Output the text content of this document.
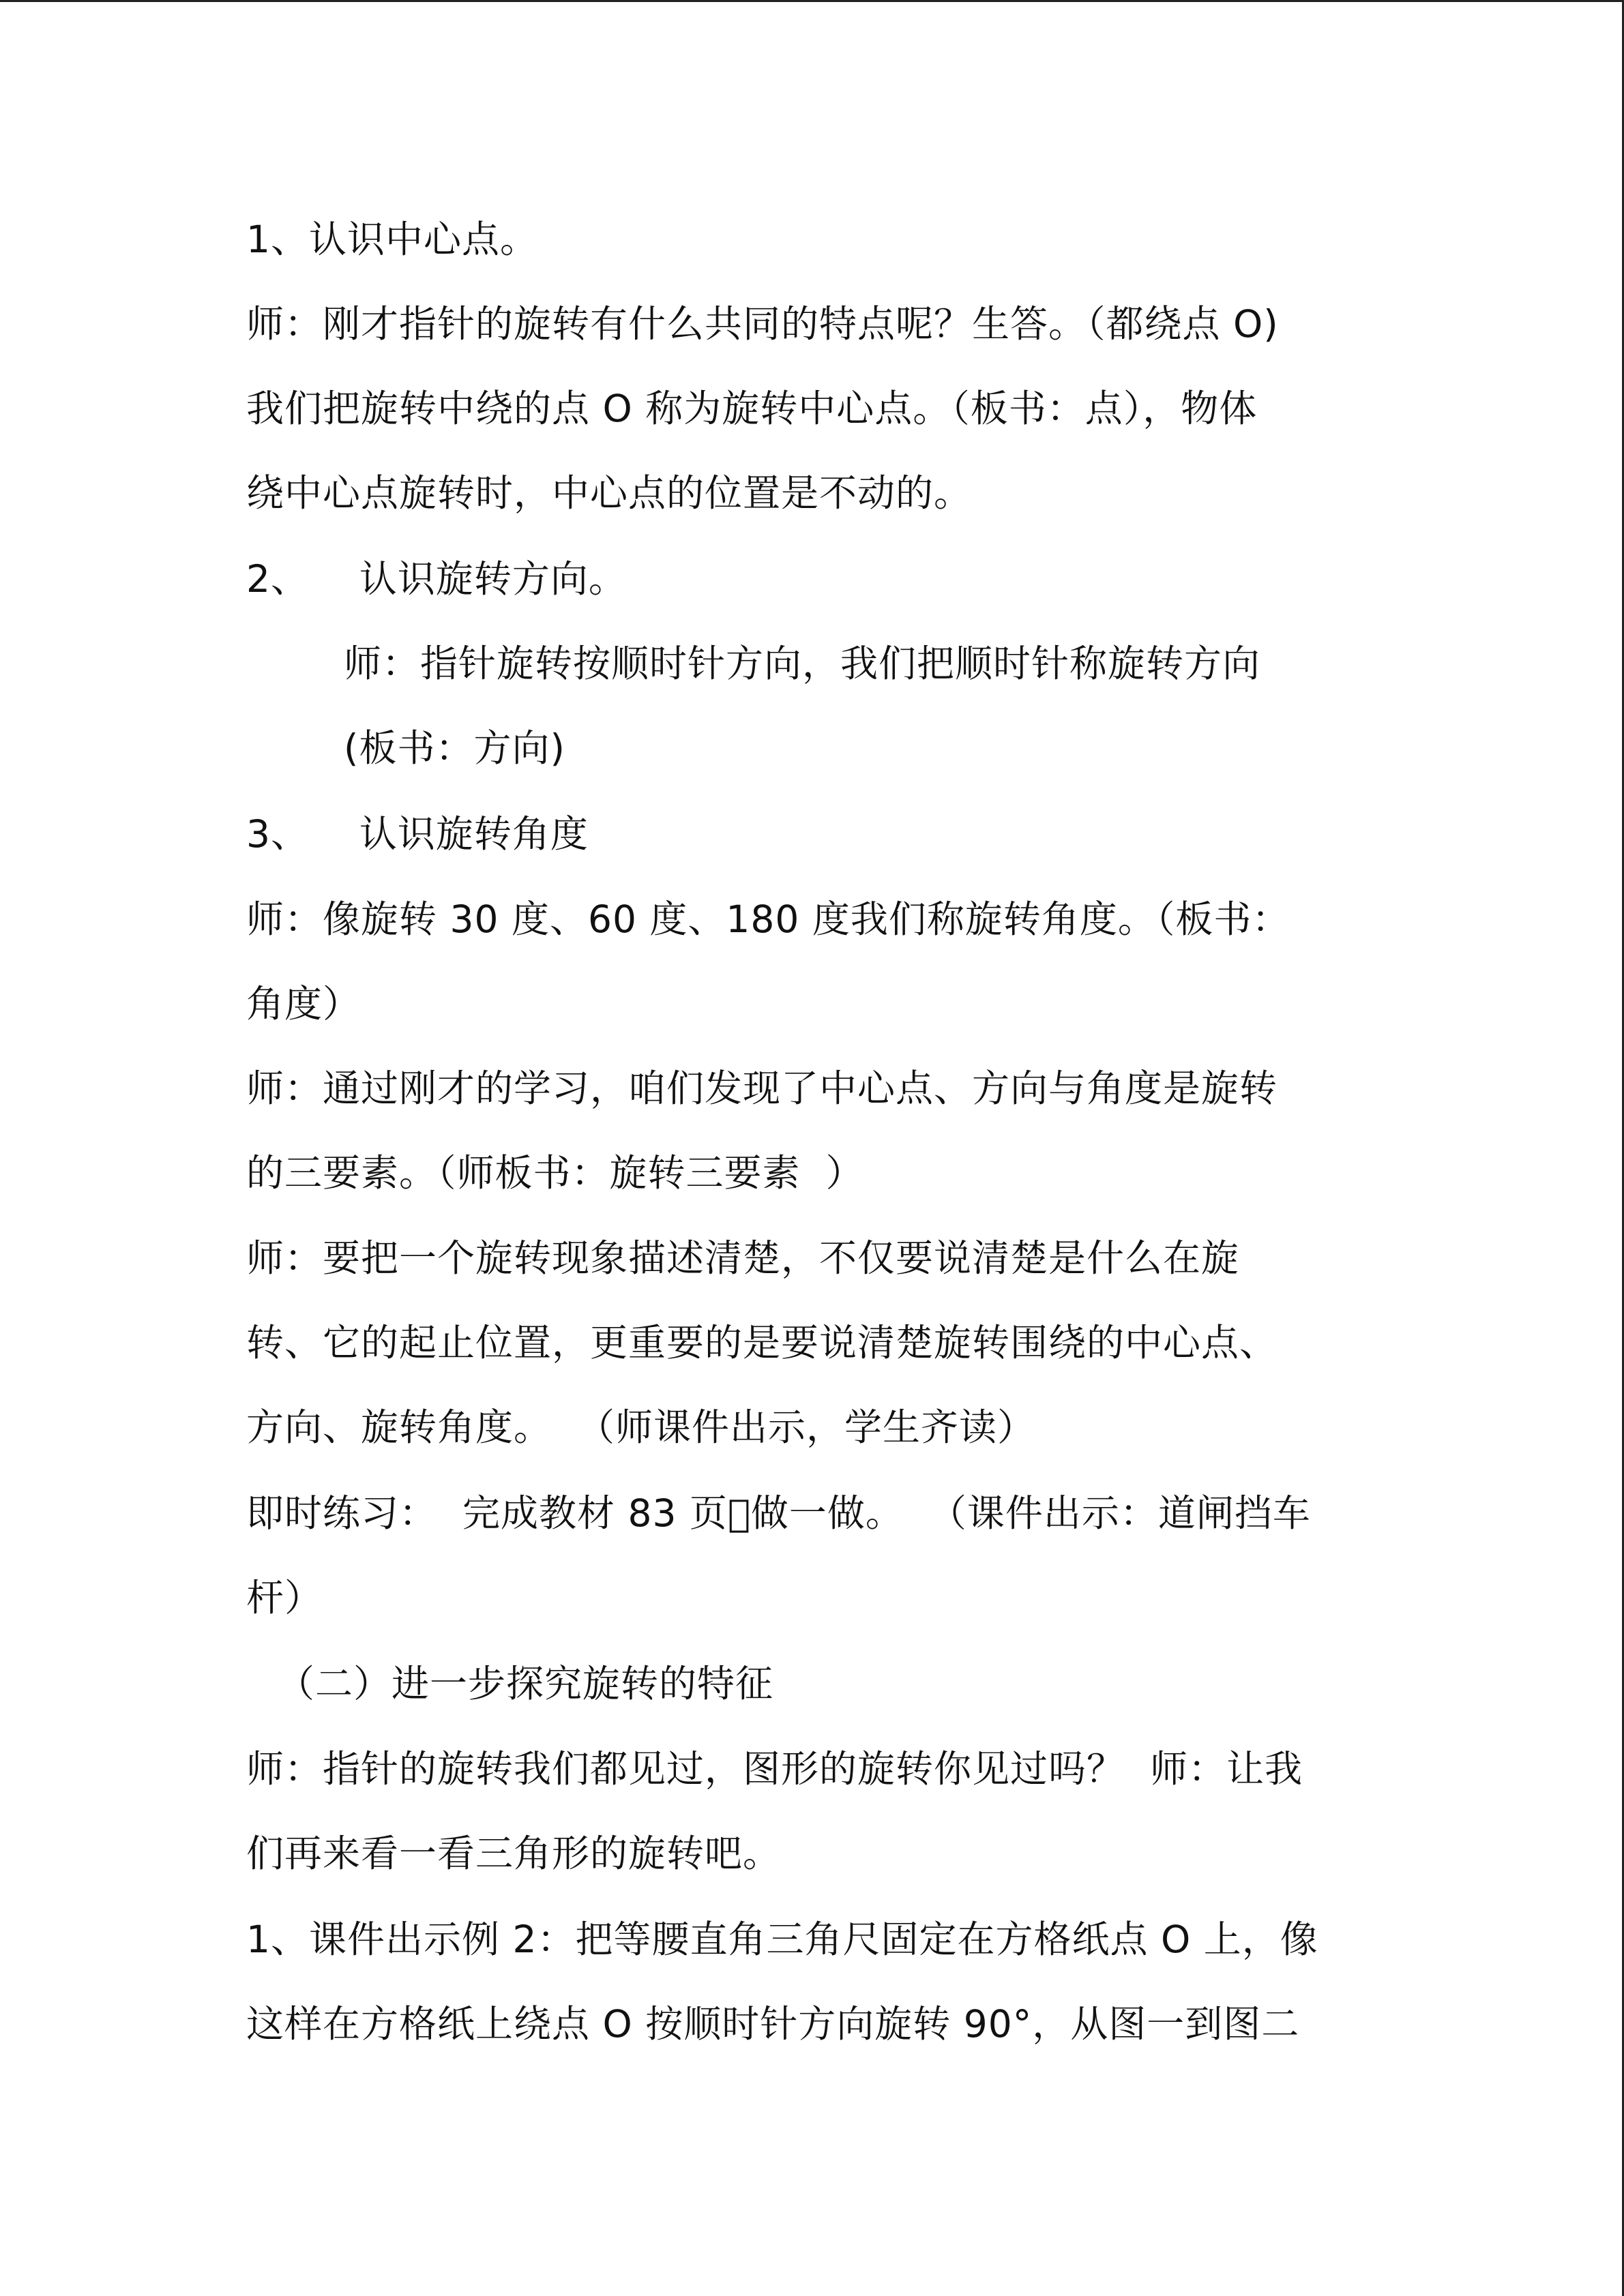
1、认识中心点。
师：刚才指针的旋转有什么共同的特点呢？生答。（都绕点 O)
我们把旋转中绕的点 O 称为旋转中心点。（板书：点），物体
绕中心点旋转时，中心点的位置是不动的。
2、    认识旋转方向。
师：指针旋转按顺时针方向，我们把顺时针称旋转方向
(板书：方向)
3、    认识旋转角度
师：像旋转 30 度、60 度、180 度我们称旋转角度。（板书：
角度）
师：通过刚才的学习，咱们发现了中心点、方向与角度是旋转
的三要素。（师板书：旋转三要素  ）
师：要把一个旋转现象描述清楚，不仅要说清楚是什么在旋
转、它的起止位置，更重要的是要说清楚旋转围绕的中心点、
方向、旋转角度。  （师课件出示，学生齐读）
即时练习：  完成教材 83 页􀀀做一做。  （课件出示：道闸挡车
杆）
（二）进一步探究旋转的特征
师：指针的旋转我们都见过，图形的旋转你见过吗？  师：让我
们再来看一看三角形的旋转吧。
1、课件出示例 2：把等腰直角三角尺固定在方格纸点 O 上，像
这样在方格纸上绕点 O 按顺时针方向旋转 90°，从图一到图二
